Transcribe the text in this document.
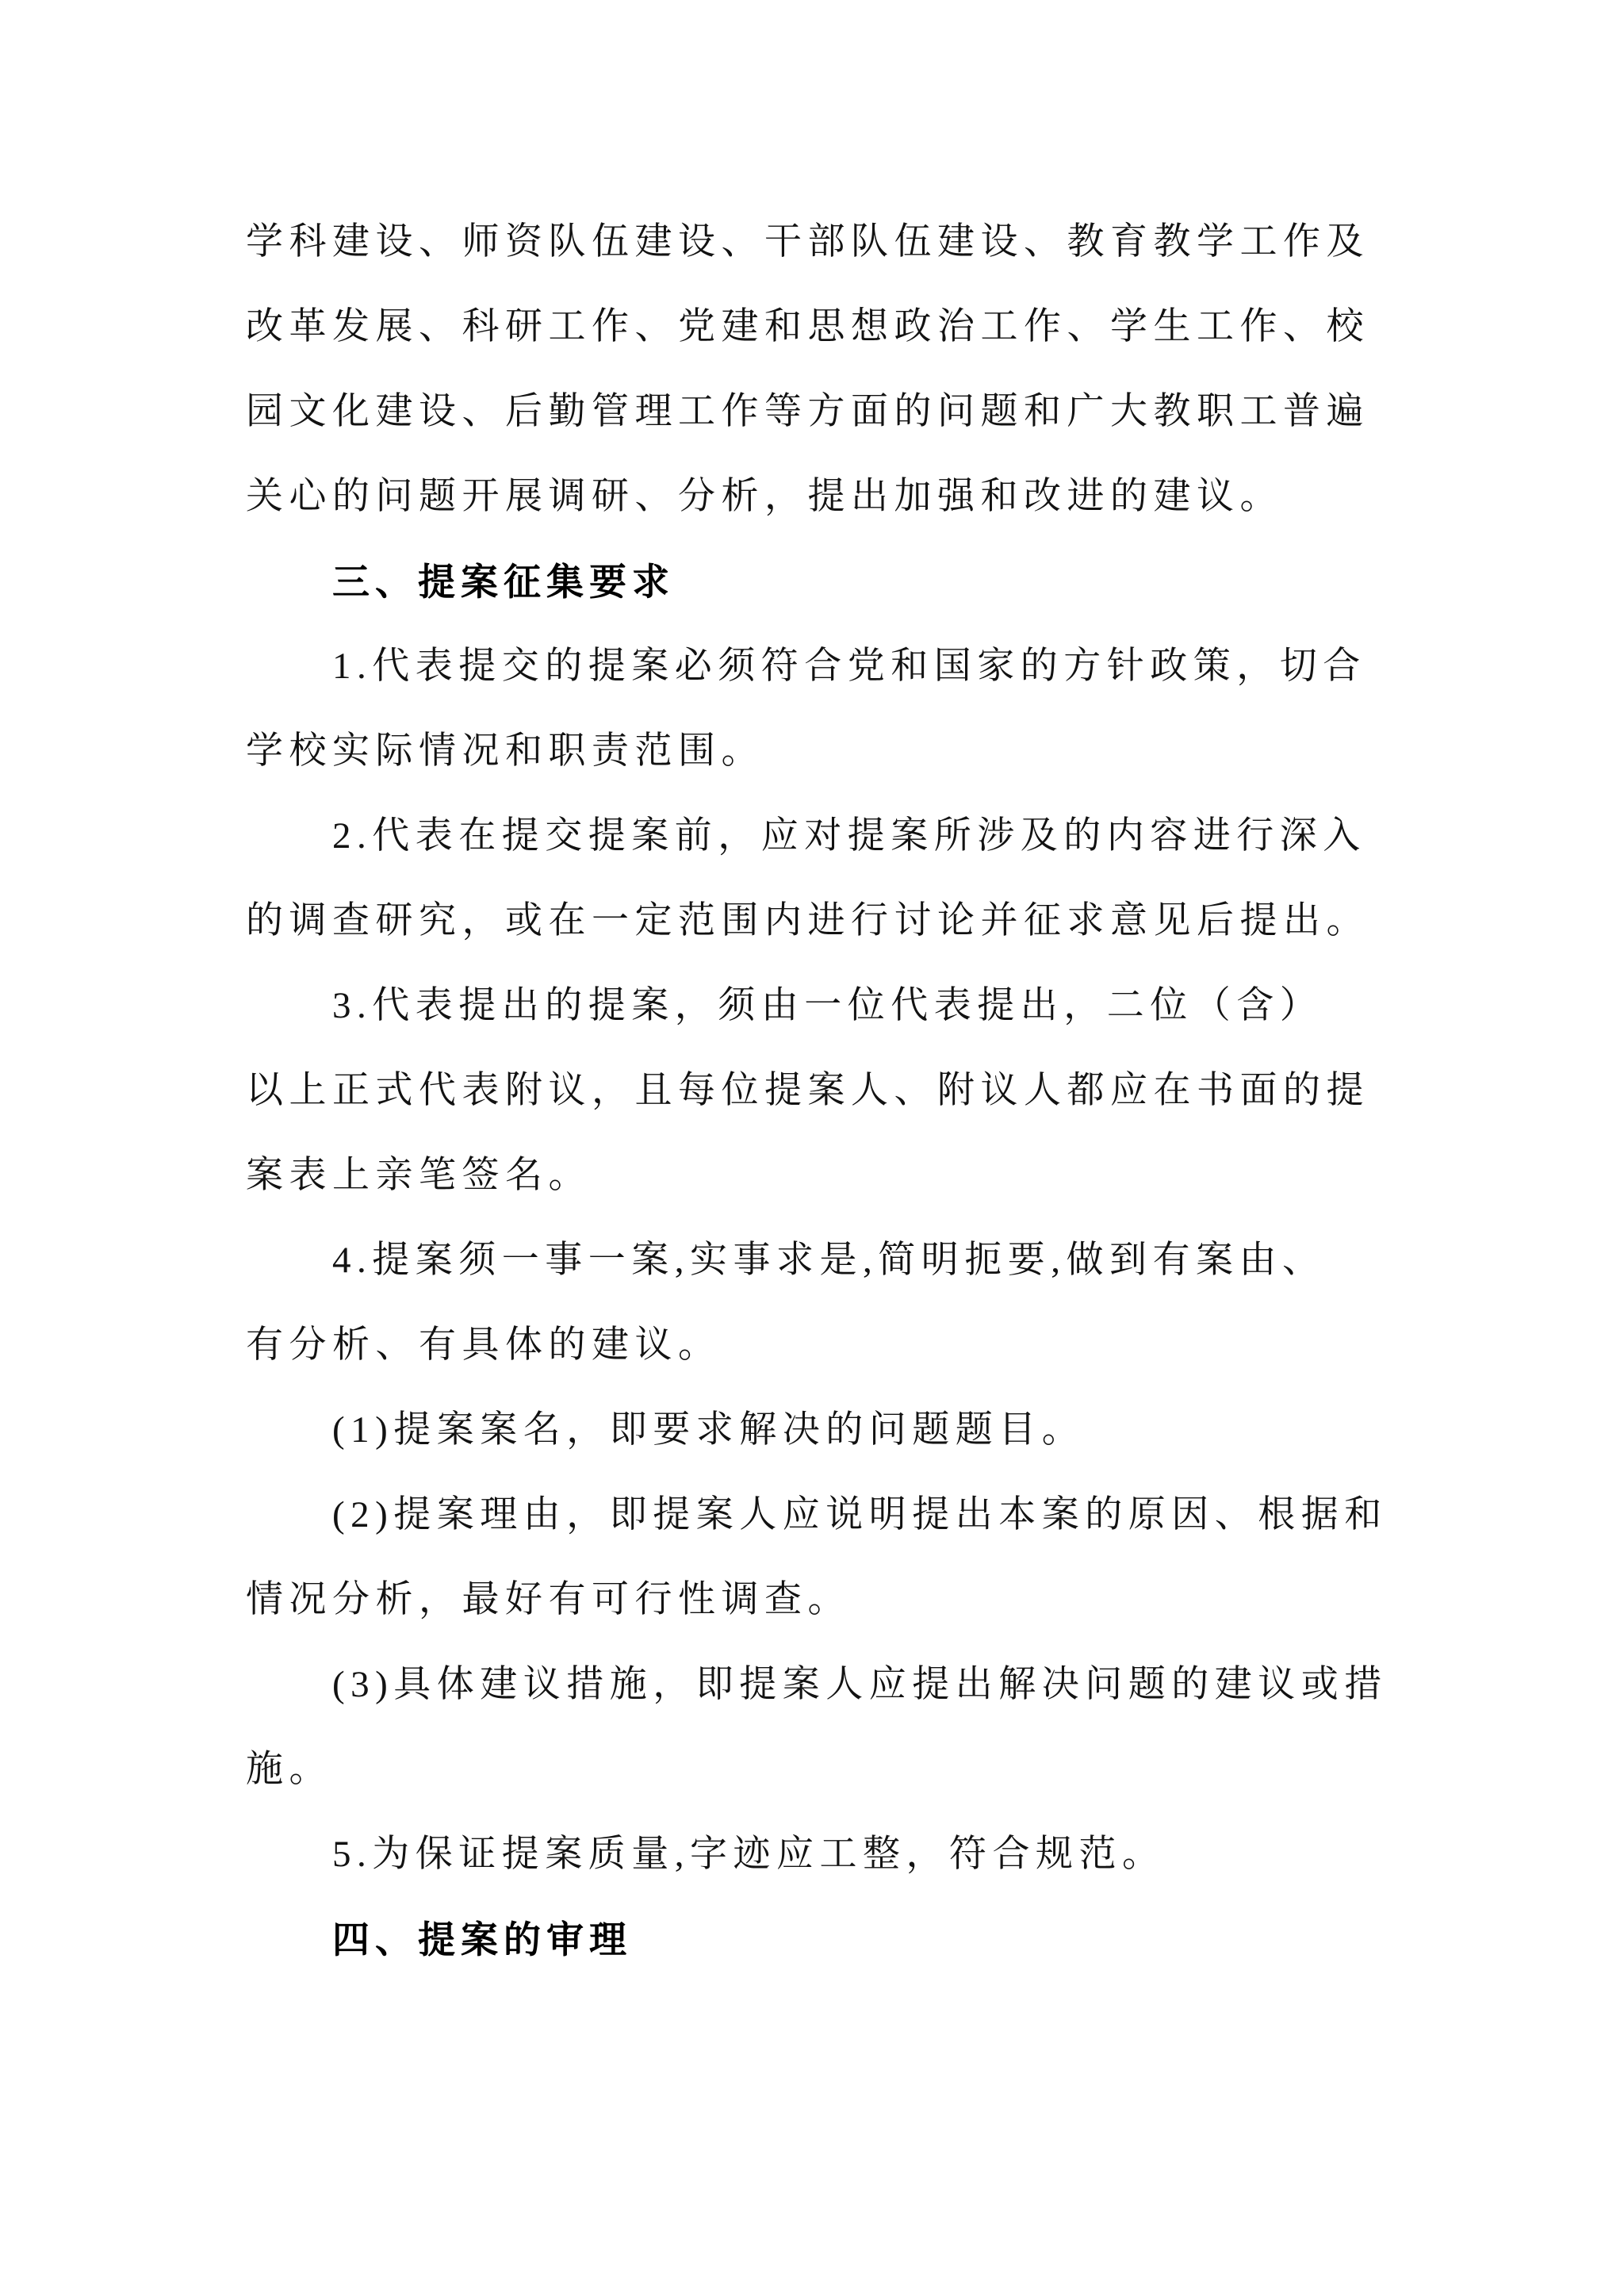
学科建设、师资队伍建设、干部队伍建设、教育教学工作及
改革发展、科研工作、党建和思想政治工作、学生工作、校
园文化建设、后勤管理工作等方面的问题和广大教职工普遍
关心的问题开展调研、分析，提出加强和改进的建议。
三、提案征集要求
1.代表提交的提案必须符合党和国家的方针政策，切合
学校实际情况和职责范围。
2.代表在提交提案前，应对提案所涉及的内容进行深入
的调查研究，或在一定范围内进行讨论并征求意见后提出。
3.代表提出的提案，须由一位代表提出，二位（含）
以上正式代表附议，且每位提案人、附议人都应在书面的提
案表上亲笔签名。
4.提案须一事一案,实事求是,简明扼要,做到有案由、
有分析、有具体的建议。
(1)提案案名，即要求解决的问题题目。
(2)提案理由，即提案人应说明提出本案的原因、根据和
情况分析，最好有可行性调查。
(3)具体建议措施，即提案人应提出解决问题的建议或措
施。
5.为保证提案质量,字迹应工整，符合规范。
四、提案的审理
